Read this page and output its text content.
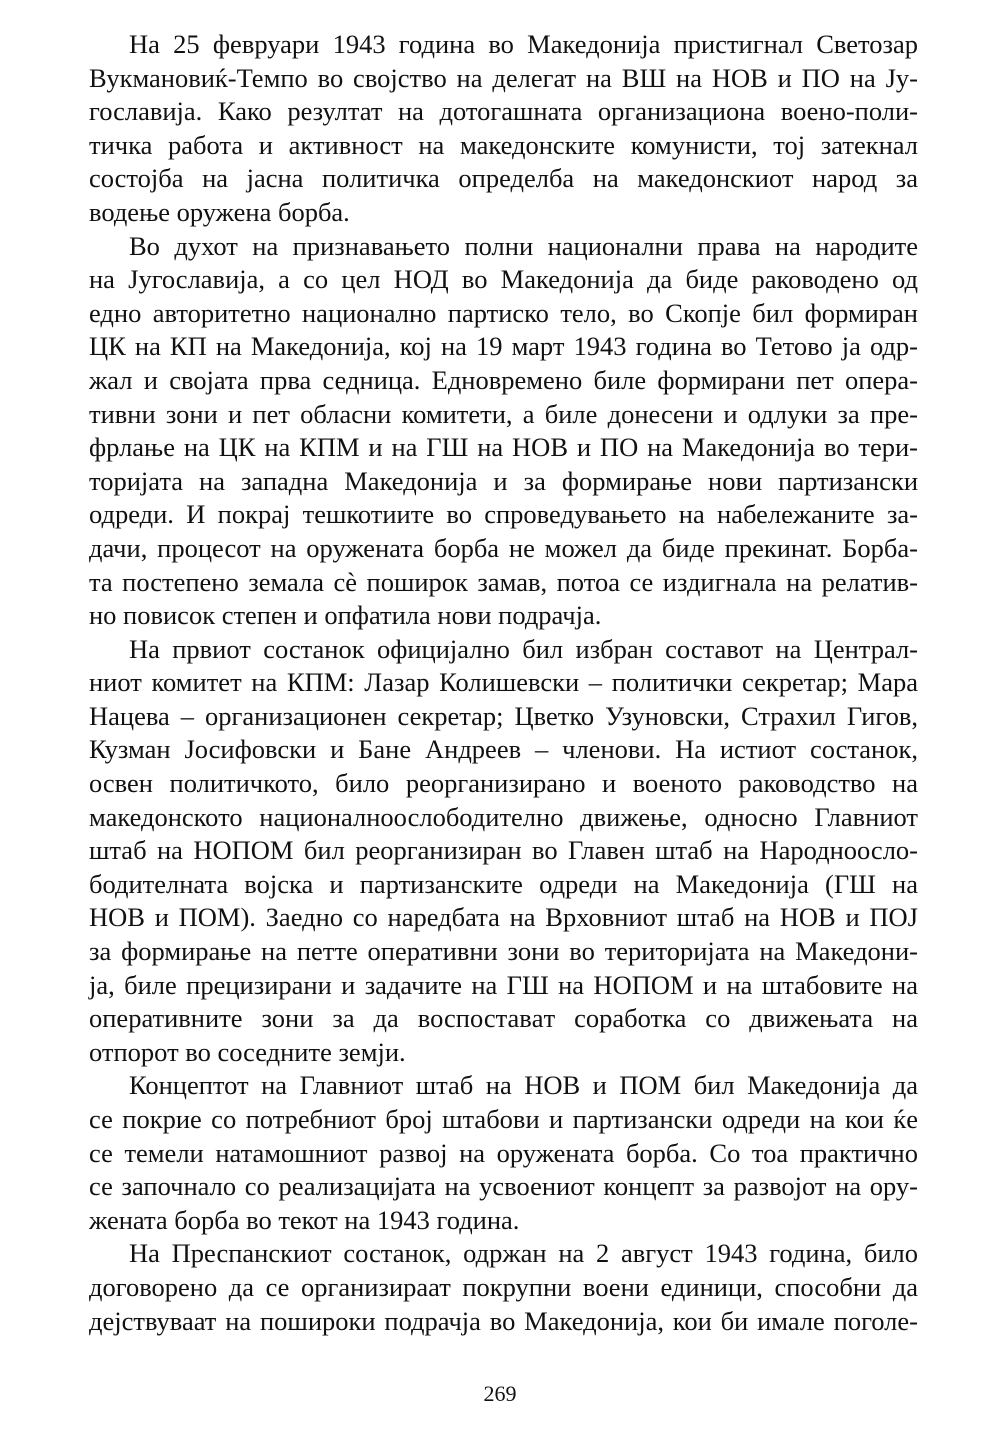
На 25 февруари 1943 година во Македонија пристигнал Светозар
Вукмановиќ-Темпо во својство на делегат на ВШ на НОВ и ПО на Ју-
гославија. Како резултат на дотогашната организациона воено-поли-
тичка работа и активност на македонските комунисти, тој затекнал
состојба на јасна политичка определба на македонскиот народ за
водење оружена борба.
Во духот на признавањето полни национални права на народите
на Југославија, а со цел НОД во Македонија да биде раководено од
едно авторитетно национално партиско тело, во Скопје бил формиран
ЦК на КП на Македонија, кој на 19 март 1943 година во Тетово ја одр-
жал и својата прва седница. Едновремено биле формирани пет опера-
тивни зони и пет обласни комитети, а биле донесени и одлуки за пре-
фрлање на ЦК на КПМ и на ГШ на НОВ и ПО на Македонија во тери-
торијата на западна Македонија и за формирање нови партизански
одреди. И покрај тешкотиите во спроведувањето на набележаните за-
дачи, процесот на оружената борба не можел да биде прекинат. Борба-
та постепено земала сè поширок замав, потоа се издигнала на релатив-
но повисок степен и опфатила нови подрачја.
На првиот состанок официјално бил избран составот на Централ-
ниот комитет на КПМ: Лазар Колишевски – политички секретар; Мара
Нацева – организационен секретар; Цветко Узуновски, Страхил Гигов,
Кузман Јосифовски и Бане Андреев – членови. На истиот состанок,
освен политичкото, било реорганизирано и военото раководство на
македонското националноослободително движење, односно Главниот
штаб на НОПОМ бил реорганизиран во Главен штаб на Народноосло-
бодителната војска и партизанските одреди на Македонија (ГШ на
НОВ и ПОМ). Заедно со наредбата на Врховниот штаб на НОВ и ПОЈ
за формирање на петте оперативни зони во територијата на Македони-
ја, биле прецизирани и задачите на ГШ на НОПОМ и на штабовите на
оперативните зони за да воспоставaт соработка со движењата на
отпорот во соседните земји.
Концептот на Главниот штаб на НОВ и ПОМ бил Македонија да
се покрие со потребниот број штабови и партизански одреди на кои ќе
се темели натамошниот развој на оружената борба. Со тоа практично
се започнало со реализацијата на усвоениот концепт за развојот на ору-
жената борба во текот на 1943 година.
На Преспанскиот состанок, одржан на 2 август 1943 година, било
договорено да се организираат покрупни воени единици, способни да
дејствуваат на пошироки подрачја во Македонија, кои би имале поголе-
269
